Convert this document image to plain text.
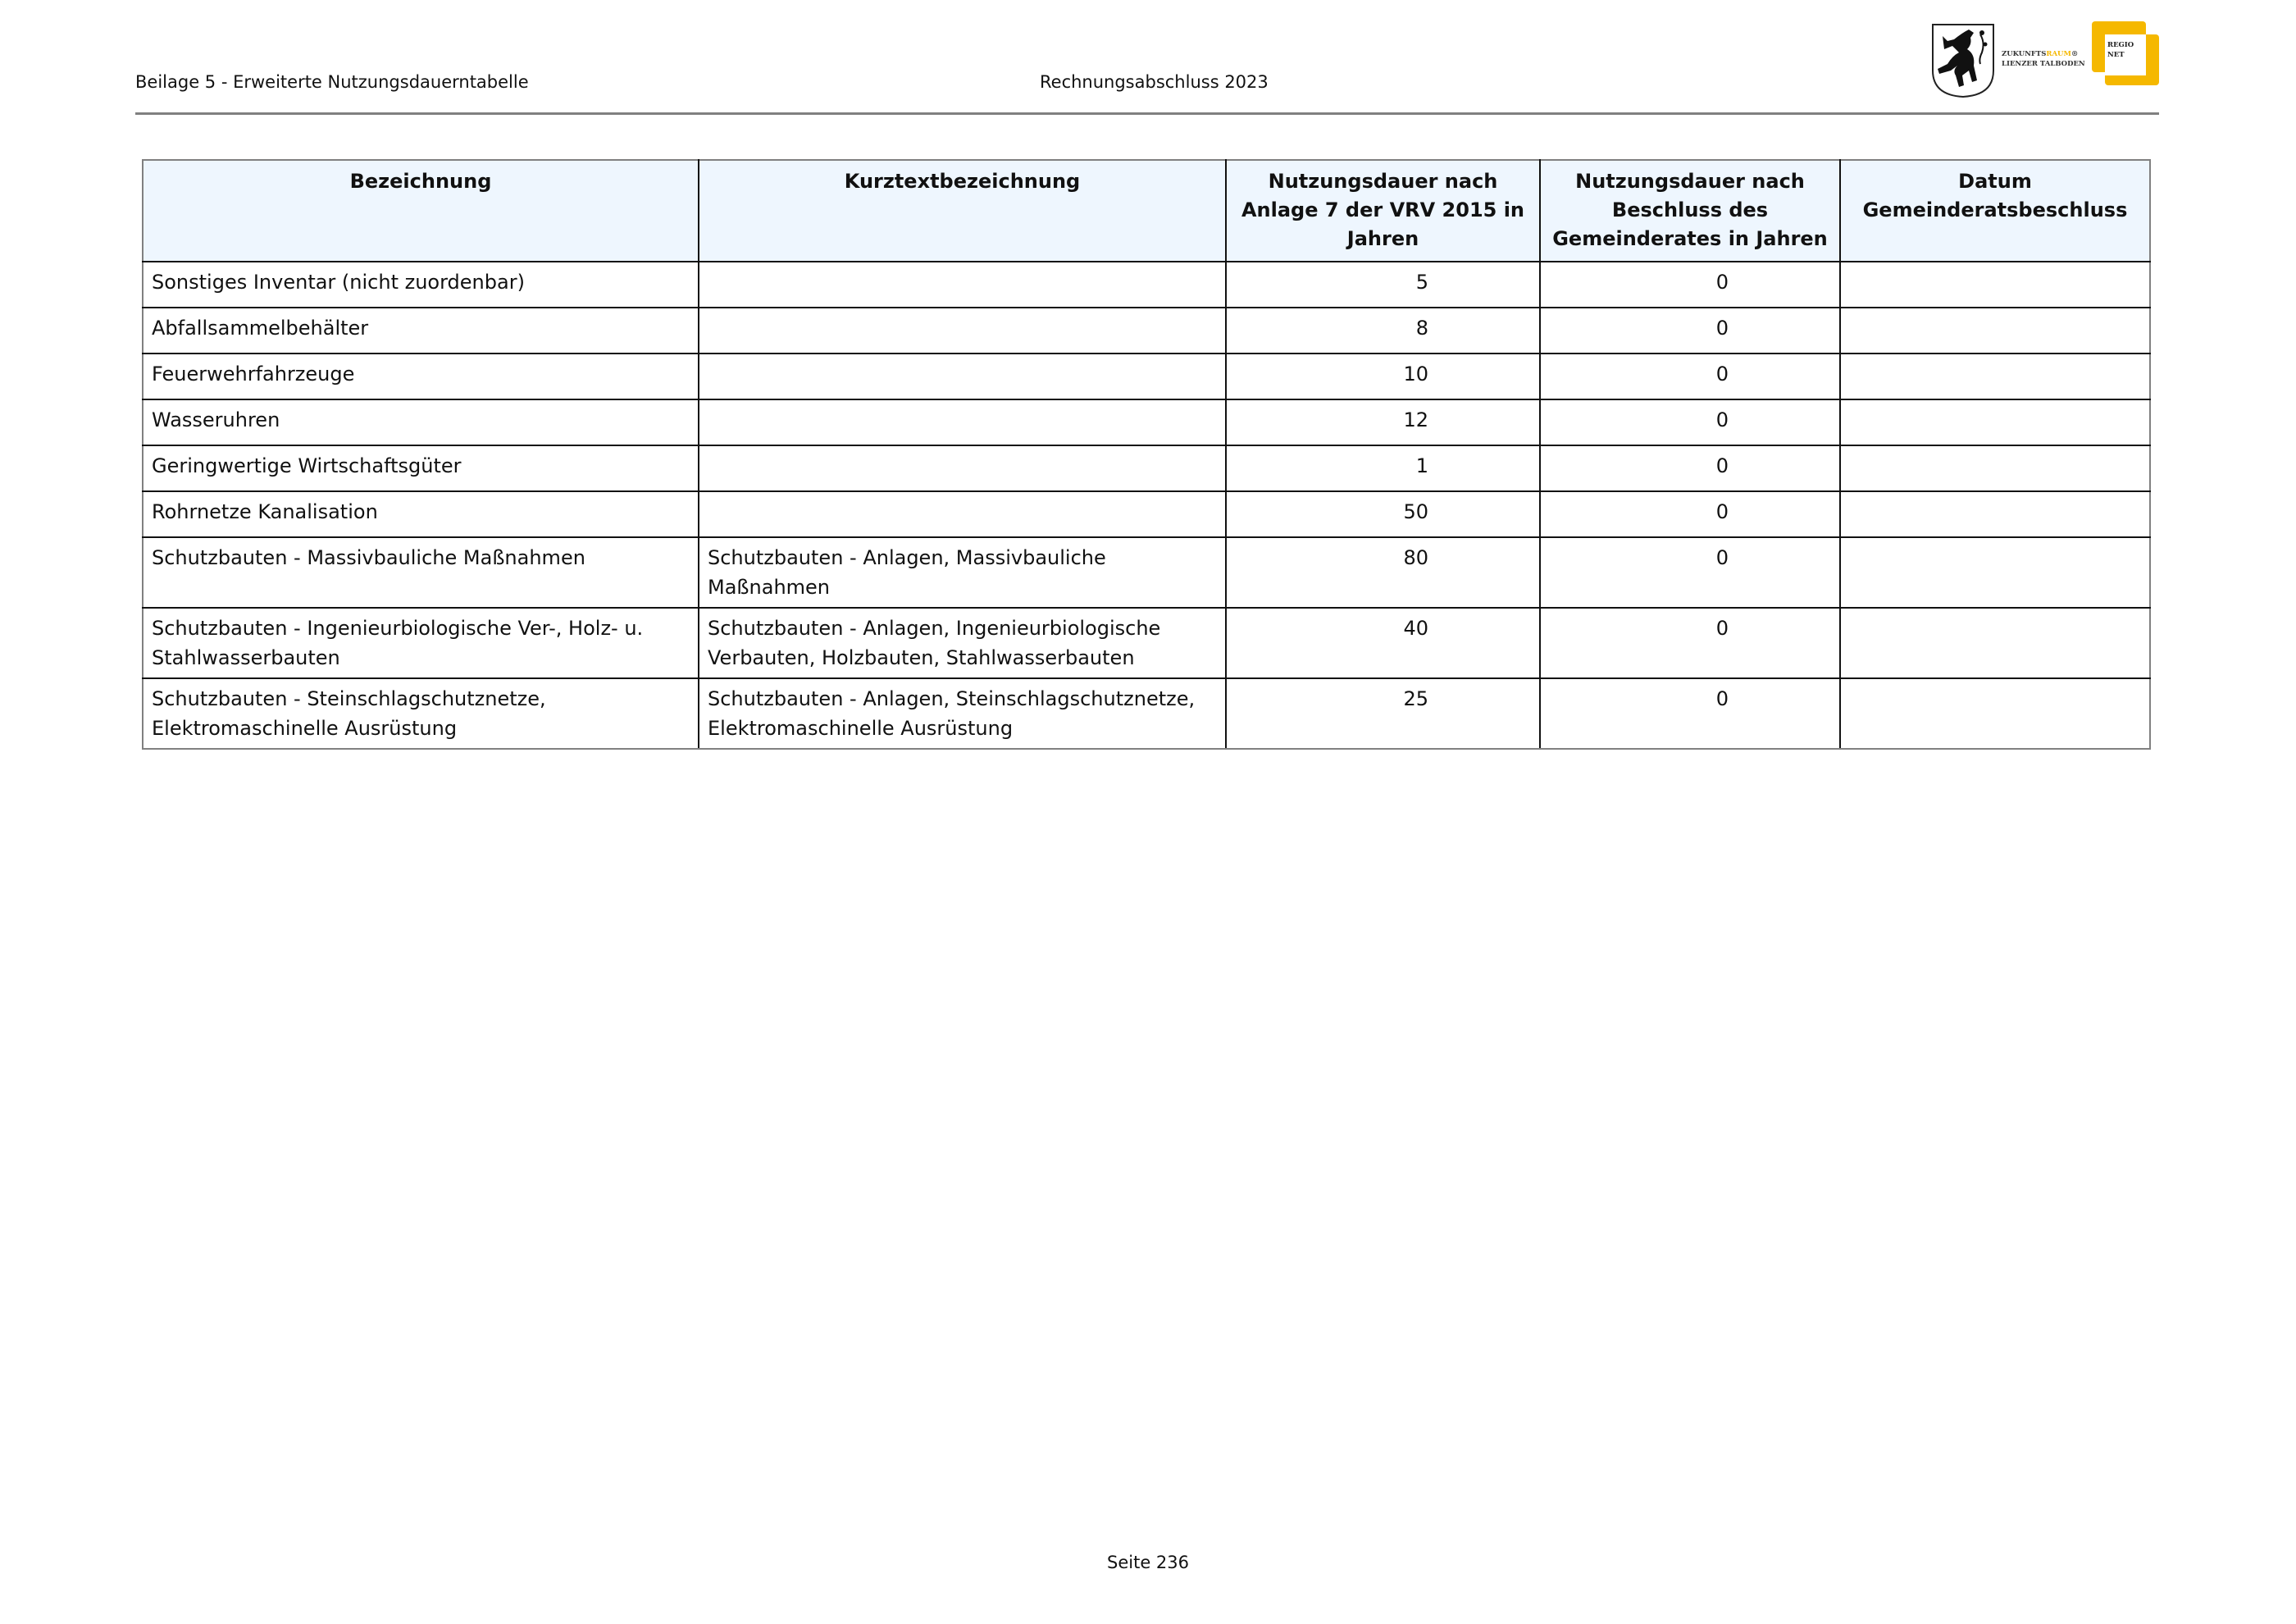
Beilage 5 - Erweiterte Nutzungsdauerntabelle	Rechnungsabschluss 2023
ZUKUNFTSRAUM®
LIENZER TALBODEN
REGIO
NET
Bezeichnung	Kurztextbezeichnung	Nutzungsdauer nach Anlage 7 der VRV 2015 in Jahren	Nutzungsdauer nach Beschluss des Gemeinderates in Jahren	Datum Gemeinderatsbeschluss
Sonstiges Inventar (nicht zuordenbar)		5	0	
Abfallsammelbehälter		8	0	
Feuerwehrfahrzeuge		10	0	
Wasseruhren		12	0	
Geringwertige Wirtschaftsgüter		1	0	
Rohrnetze Kanalisation		50	0	
Schutzbauten - Massivbauliche Maßnahmen	Schutzbauten - Anlagen, Massivbauliche Maßnahmen	80	0	
Schutzbauten - Ingenieurbiologische Ver-, Holz- u. Stahlwasserbauten	Schutzbauten - Anlagen, Ingenieurbiologische Verbauten, Holzbauten, Stahlwasserbauten	40	0	
Schutzbauten - Steinschlagschutznetze, Elektromaschinelle Ausrüstung	Schutzbauten - Anlagen, Steinschlagschutznetze, Elektromaschinelle Ausrüstung	25	0	
Seite 236
